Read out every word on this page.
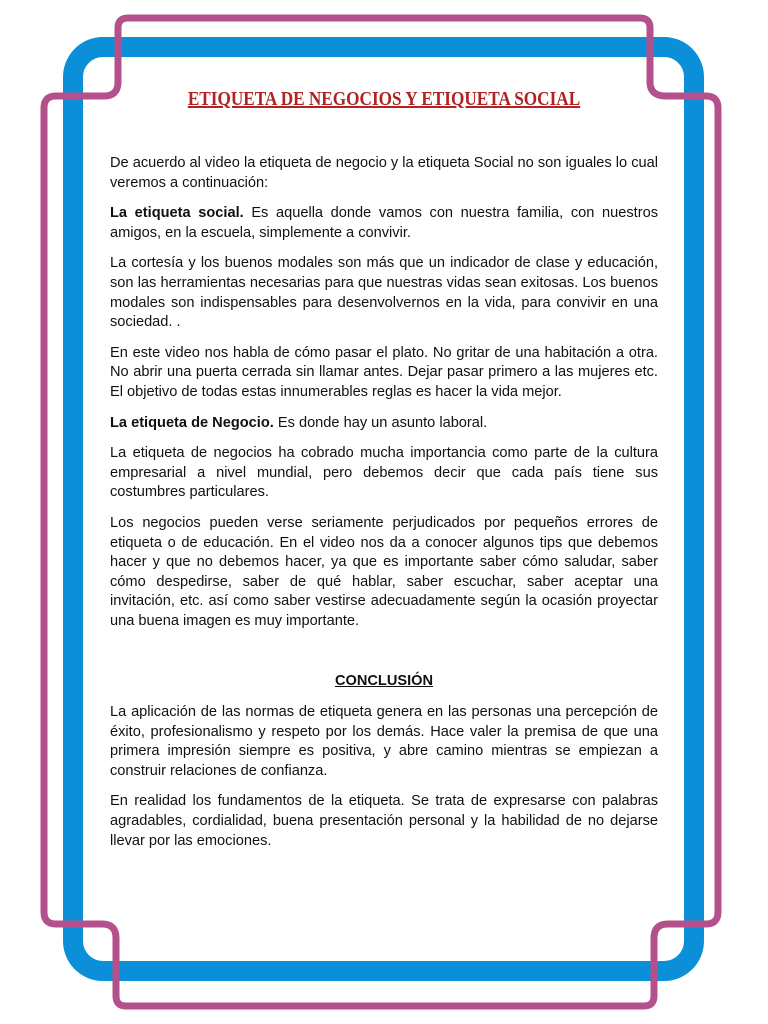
ETIQUETA DE NEGOCIOS Y ETIQUETA SOCIAL

De acuerdo al video la etiqueta de negocio y la etiqueta Social no son iguales lo cual veremos a continuación:

La etiqueta social. Es aquella donde vamos con nuestra familia, con nuestros amigos, en la escuela, simplemente a convivir.

La cortesía y los buenos modales son más que un indicador de clase y educación, son las herramientas necesarias para que nuestras vidas sean exitosas. Los buenos modales son indispensables para desenvolvernos en la vida, para convivir en una sociedad. .

En este video nos habla de cómo pasar el plato. No gritar de una habitación a otra. No abrir una puerta cerrada sin llamar antes. Dejar pasar primero a las mujeres etc. El objetivo de todas estas innumerables reglas es hacer la vida mejor.

La etiqueta de Negocio. Es donde hay un asunto laboral.

La etiqueta de negocios ha cobrado mucha importancia como parte de la cultura empresarial a nivel mundial, pero debemos decir que cada país tiene sus costumbres particulares.

Los negocios pueden verse seriamente perjudicados por pequeños errores de etiqueta o de educación. En el video nos da a conocer algunos tips que debemos hacer y que no debemos hacer, ya que es importante saber cómo saludar, saber cómo despedirse, saber de qué hablar, saber escuchar, saber aceptar una invitación, etc. así como saber vestirse adecuadamente según la ocasión proyectar una buena imagen es muy importante.

CONCLUSIÓN

La aplicación de las normas de etiqueta genera en las personas una percepción de éxito, profesionalismo y respeto por los demás. Hace valer la premisa de que una primera impresión siempre es positiva, y abre camino mientras se empiezan a construir relaciones de confianza.

En realidad los fundamentos de la etiqueta. Se trata de expresarse con palabras agradables, cordialidad, buena presentación personal y la habilidad de no dejarse llevar por las emociones.
